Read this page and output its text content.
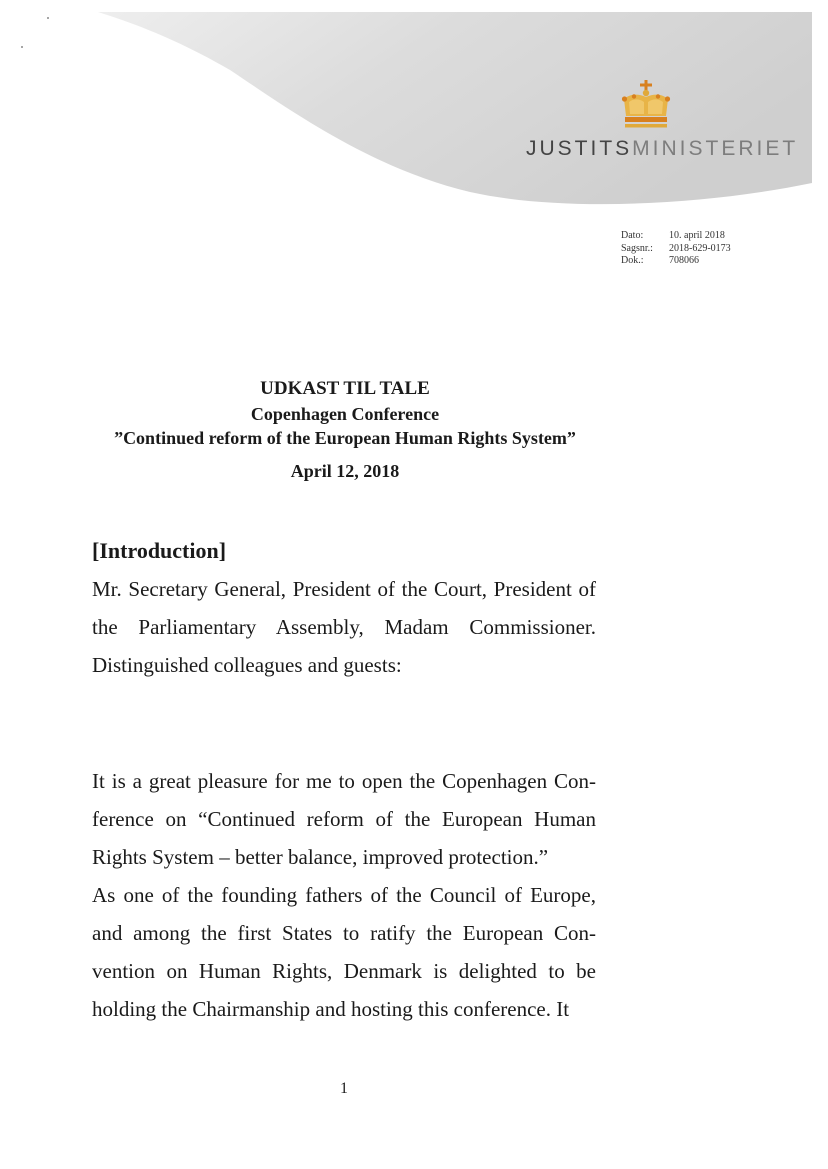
JUSTITSMINISTERIET
Dato:	10. april 2018
Sagsnr.:	2018-629-0173
Dok.:	708066
UDKAST TIL TALE
Copenhagen Conference
”Continued reform of the European Human Rights System”
April 12, 2018
[Introduction]

Mr. Secretary General, President of the Court, President of the Parliamentary Assembly, Madam Commissioner. Distinguished colleagues and guests:

It is a great pleasure for me to open the Copenhagen Con-ference on “Continued reform of the European Human Rights System – better balance, improved protection.”

As one of the founding fathers of the Council of Europe, and among the first States to ratify the European Con-vention on Human Rights, Denmark is delighted to be holding the Chairmanship and hosting this conference. It

1
